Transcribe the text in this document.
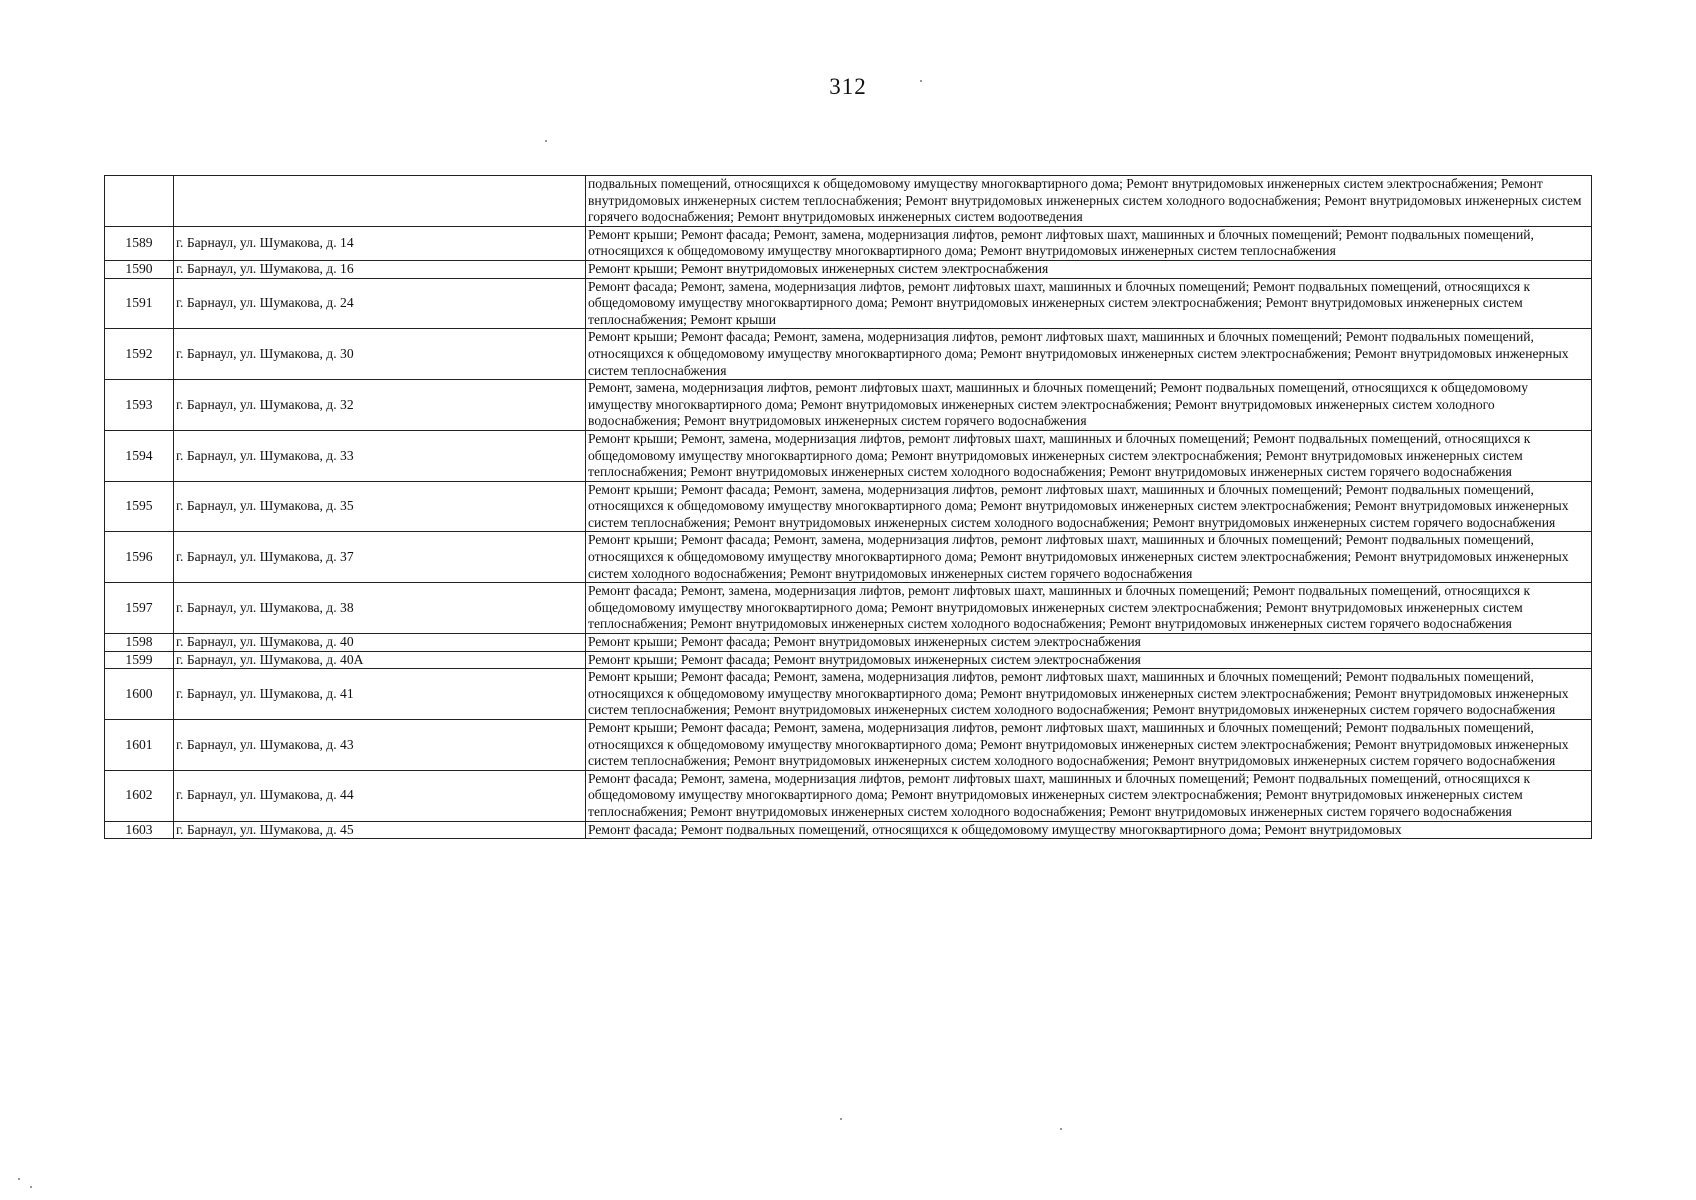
312
		подвальных помещений, относящихся к общедомовому имуществу многоквартирного дома; Ремонт внутридомовых инженерных систем электроснабжения; Ремонт внутридомовых инженерных систем теплоснабжения; Ремонт внутридомовых инженерных систем холодного водоснабжения; Ремонт внутридомовых инженерных систем горячего водоснабжения; Ремонт внутридомовых инженерных систем водоотведения
1589	г. Барнаул, ул. Шумакова, д. 14	Ремонт крыши; Ремонт фасада; Ремонт, замена, модернизация лифтов, ремонт лифтовых шахт, машинных и блочных помещений; Ремонт подвальных помещений, относящихся к общедомовому имуществу многоквартирного дома; Ремонт внутридомовых инженерных систем теплоснабжения
1590	г. Барнаул, ул. Шумакова, д. 16	Ремонт крыши; Ремонт внутридомовых инженерных систем электроснабжения
1591	г. Барнаул, ул. Шумакова, д. 24	Ремонт фасада; Ремонт, замена, модернизация лифтов, ремонт лифтовых шахт, машинных и блочных помещений; Ремонт подвальных помещений, относящихся к общедомовому имуществу многоквартирного дома; Ремонт внутридомовых инженерных систем электроснабжения; Ремонт внутридомовых инженерных систем теплоснабжения; Ремонт крыши
1592	г. Барнаул, ул. Шумакова, д. 30	Ремонт крыши; Ремонт фасада; Ремонт, замена, модернизация лифтов, ремонт лифтовых шахт, машинных и блочных помещений; Ремонт подвальных помещений, относящихся к общедомовому имуществу многоквартирного дома; Ремонт внутридомовых инженерных систем электроснабжения; Ремонт внутридомовых инженерных систем теплоснабжения
1593	г. Барнаул, ул. Шумакова, д. 32	Ремонт, замена, модернизация лифтов, ремонт лифтовых шахт, машинных и блочных помещений; Ремонт подвальных помещений, относящихся к общедомовому имуществу многоквартирного дома; Ремонт внутридомовых инженерных систем электроснабжения; Ремонт внутридомовых инженерных систем холодного водоснабжения; Ремонт внутридомовых инженерных систем горячего водоснабжения
1594	г. Барнаул, ул. Шумакова, д. 33	Ремонт крыши; Ремонт, замена, модернизация лифтов, ремонт лифтовых шахт, машинных и блочных помещений; Ремонт подвальных помещений, относящихся к общедомовому имуществу многоквартирного дома; Ремонт внутридомовых инженерных систем электроснабжения; Ремонт внутридомовых инженерных систем теплоснабжения; Ремонт внутридомовых инженерных систем холодного водоснабжения; Ремонт внутридомовых инженерных систем горячего водоснабжения
1595	г. Барнаул, ул. Шумакова, д. 35	Ремонт крыши; Ремонт фасада; Ремонт, замена, модернизация лифтов, ремонт лифтовых шахт, машинных и блочных помещений; Ремонт подвальных помещений, относящихся к общедомовому имуществу многоквартирного дома; Ремонт внутридомовых инженерных систем электроснабжения; Ремонт внутридомовых инженерных систем теплоснабжения; Ремонт внутридомовых инженерных систем холодного водоснабжения; Ремонт внутридомовых инженерных систем горячего водоснабжения
1596	г. Барнаул, ул. Шумакова, д. 37	Ремонт крыши; Ремонт фасада; Ремонт, замена, модернизация лифтов, ремонт лифтовых шахт, машинных и блочных помещений; Ремонт подвальных помещений, относящихся к общедомовому имуществу многоквартирного дома; Ремонт внутридомовых инженерных систем электроснабжения; Ремонт внутридомовых инженерных систем холодного водоснабжения; Ремонт внутридомовых инженерных систем горячего водоснабжения
1597	г. Барнаул, ул. Шумакова, д. 38	Ремонт фасада; Ремонт, замена, модернизация лифтов, ремонт лифтовых шахт, машинных и блочных помещений; Ремонт подвальных помещений, относящихся к общедомовому имуществу многоквартирного дома; Ремонт внутридомовых инженерных систем электроснабжения; Ремонт внутридомовых инженерных систем теплоснабжения; Ремонт внутридомовых инженерных систем холодного водоснабжения; Ремонт внутридомовых инженерных систем горячего водоснабжения
1598	г. Барнаул, ул. Шумакова, д. 40	Ремонт крыши; Ремонт фасада; Ремонт внутридомовых инженерных систем электроснабжения
1599	г. Барнаул, ул. Шумакова, д. 40А	Ремонт крыши; Ремонт фасада; Ремонт внутридомовых инженерных систем электроснабжения
1600	г. Барнаул, ул. Шумакова, д. 41	Ремонт крыши; Ремонт фасада; Ремонт, замена, модернизация лифтов, ремонт лифтовых шахт, машинных и блочных помещений; Ремонт подвальных помещений, относящихся к общедомовому имуществу многоквартирного дома; Ремонт внутридомовых инженерных систем электроснабжения; Ремонт внутридомовых инженерных систем теплоснабжения; Ремонт внутридомовых инженерных систем холодного водоснабжения; Ремонт внутридомовых инженерных систем горячего водоснабжения
1601	г. Барнаул, ул. Шумакова, д. 43	Ремонт крыши; Ремонт фасада; Ремонт, замена, модернизация лифтов, ремонт лифтовых шахт, машинных и блочных помещений; Ремонт подвальных помещений, относящихся к общедомовому имуществу многоквартирного дома; Ремонт внутридомовых инженерных систем электроснабжения; Ремонт внутридомовых инженерных систем теплоснабжения; Ремонт внутридомовых инженерных систем холодного водоснабжения; Ремонт внутридомовых инженерных систем горячего водоснабжения
1602	г. Барнаул, ул. Шумакова, д. 44	Ремонт фасада; Ремонт, замена, модернизация лифтов, ремонт лифтовых шахт, машинных и блочных помещений; Ремонт подвальных помещений, относящихся к общедомовому имуществу многоквартирного дома; Ремонт внутридомовых инженерных систем электроснабжения; Ремонт внутридомовых инженерных систем теплоснабжения; Ремонт внутридомовых инженерных систем холодного водоснабжения; Ремонт внутридомовых инженерных систем горячего водоснабжения
1603	г. Барнаул, ул. Шумакова, д. 45	Ремонт фасада; Ремонт подвальных помещений, относящихся к общедомовому имуществу многоквартирного дома; Ремонт внутридомовых
